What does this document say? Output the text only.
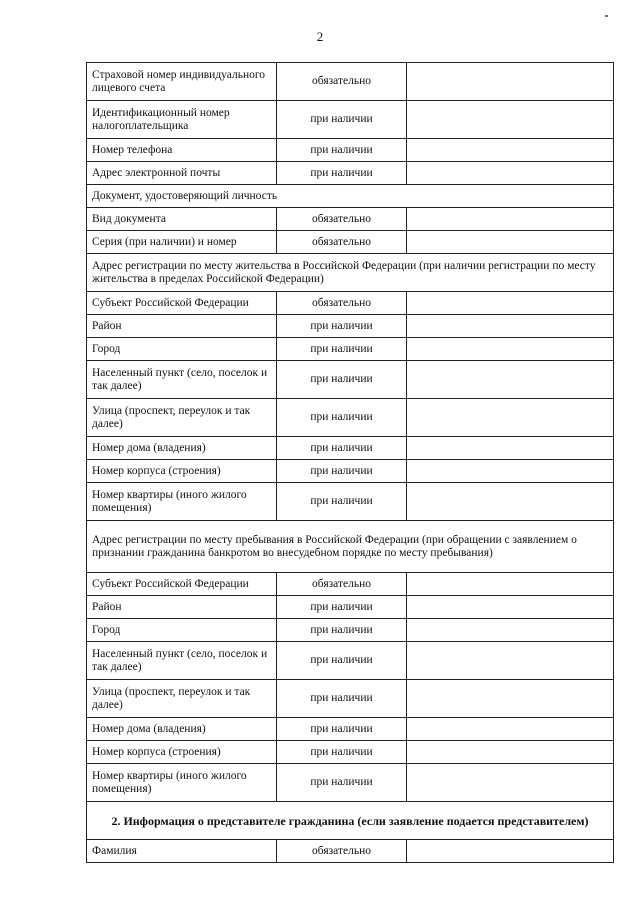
2
Страховой номер индивидуального лицевого счета	обязательно	
Идентификационный номер налогоплательщика	при наличии	
Номер телефона	при наличии	
Адрес электронной почты	при наличии	
Документ, удостоверяющий личность		
Вид документа	обязательно	
Серия (при наличии) и номер	обязательно	
Адрес регистрации по месту жительства в Российской Федерации (при наличии регистрации по месту жительства в пределах Российской Федерации)		
Субъект Российской Федерации	обязательно	
Район	при наличии	
Город	при наличии	
Населенный пункт (село, поселок и так далее)	при наличии	
Улица (проспект, переулок и так далее)	при наличии	
Номер дома (владения)	при наличии	
Номер корпуса (строения)	при наличии	
Номер квартиры (иного жилого помещения)	при наличии	
Адрес регистрации по месту пребывания в Российской Федерации (при обращении с заявлением о признании гражданина банкротом во внесудебном порядке по месту пребывания)		
Субъект Российской Федерации	обязательно	
Район	при наличии	
Город	при наличии	
Населенный пункт (село, поселок и так далее)	при наличии	
Улица (проспект, переулок и так далее)	при наличии	
Номер дома (владения)	при наличии	
Номер корпуса (строения)	при наличии	
Номер квартиры (иного жилого помещения)	при наличии	
2. Информация о представителе гражданина (если заявление подается представителем)		
Фамилия	обязательно	
